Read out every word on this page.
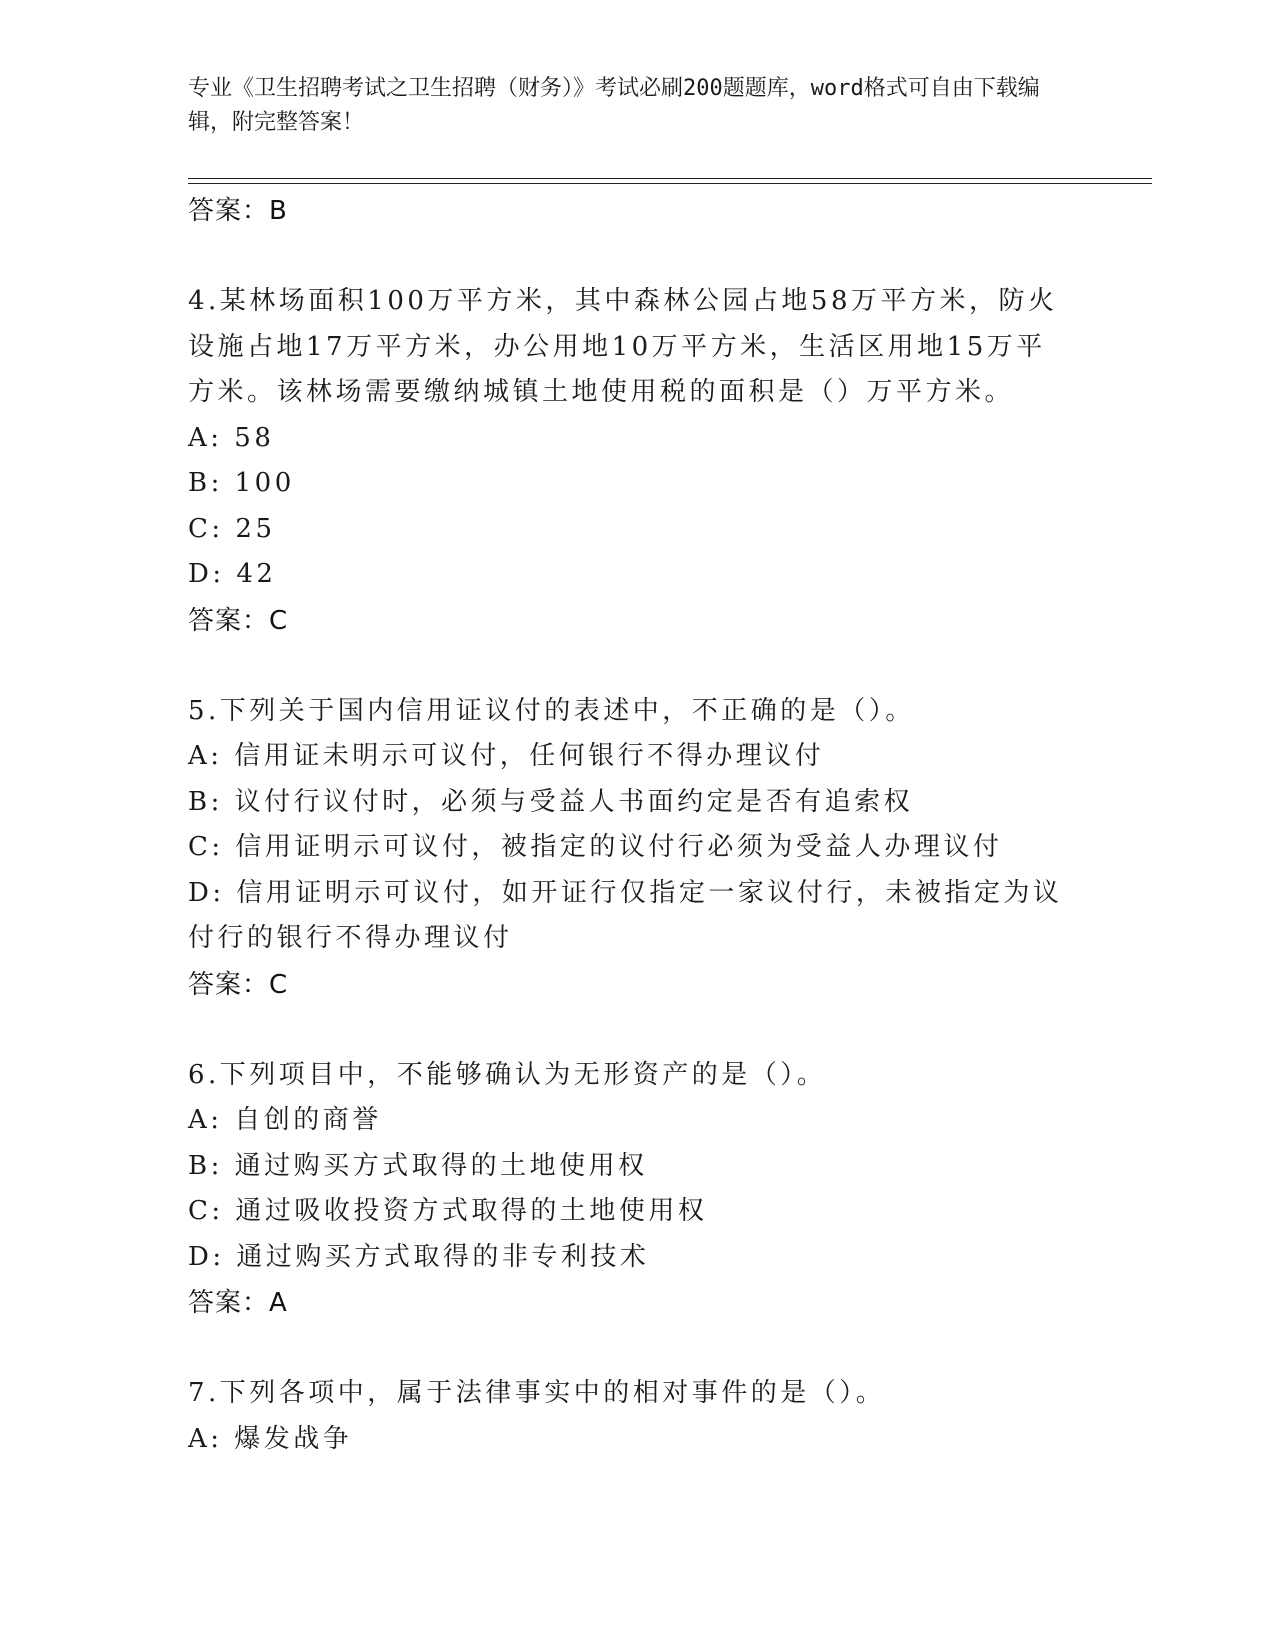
专业《卫生招聘考试之卫生招聘（财务）》考试必刷200题题库，word格式可自由下载编辑，附完整答案！
答案：B
4.某林场面积100万平方米，其中森林公园占地58万平方米，防火设施占地17万平方米，办公用地10万平方米，生活区用地15万平方米。该林场需要缴纳城镇土地使用税的面积是（）万平方米。
A: 58
B: 100
C: 25
D: 42
答案：C
5.下列关于国内信用证议付的表述中，不正确的是（）。
A: 信用证未明示可议付，任何银行不得办理议付
B: 议付行议付时，必须与受益人书面约定是否有追索权
C: 信用证明示可议付，被指定的议付行必须为受益人办理议付
D: 信用证明示可议付，如开证行仅指定一家议付行，未被指定为议付行的银行不得办理议付
答案：C
6.下列项目中，不能够确认为无形资产的是（）。
A: 自创的商誉
B: 通过购买方式取得的土地使用权
C: 通过吸收投资方式取得的土地使用权
D: 通过购买方式取得的非专利技术
答案：A
7.下列各项中，属于法律事实中的相对事件的是（）。
A: 爆发战争
